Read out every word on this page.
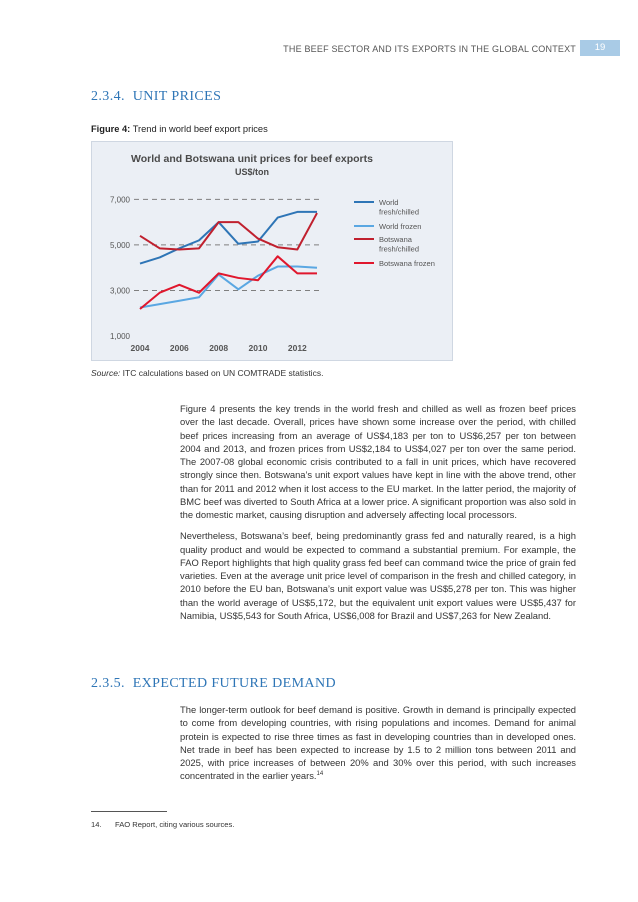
THE BEEF SECTOR AND ITS EXPORTS IN THE GLOBAL CONTEXT	19
2.3.4. UNIT PRICES
Figure 4: Trend in world beef export prices
World and Botswana unit prices for beef exports
US$/ton
1,000
3,000
5,000
7,000
2004 2006 2008 2010 2012
World
fresh/chilled
World frozen
Botswana
fresh/chilled
Botswana frozen
Source: ITC calculations based on UN COMTRADE statistics.

Figure 4 presents the key trends in the world fresh and chilled as well as frozen beef prices over the last decade. Overall, prices have shown some increase over the period, with chilled beef prices increasing from an average of US$4,183 per ton to US$6,257 per ton between 2004 and 2013, and frozen prices from US$2,184 to US$4,027 per ton over the same period. The 2007-08 global economic crisis contributed to a fall in unit prices, which have recovered strongly since then. Botswana’s unit export values have kept in line with the above trend, other than for 2011 and 2012 when it lost access to the EU market. In the latter period, the majority of BMC beef was diverted to South Africa at a lower price. A significant proportion was also sold in the domestic market, causing disruption and adversely affecting local processors.

Nevertheless, Botswana’s beef, being predominantly grass fed and naturally reared, is a high quality product and would be expected to command a substantial premium. For example, the FAO Report highlights that high quality grass fed beef can command twice the price of grain fed varieties. Even at the average unit price level of comparison in the fresh and chilled category, in 2010 before the EU ban, Botswana’s unit export value was US$5,278 per ton. This was higher than the world average of US$5,172, but the equivalent unit export values were US$5,437 for Namibia, US$5,543 for South Africa, US$6,008 for Brazil and US$7,263 for New Zealand.

2.3.5. EXPECTED FUTURE DEMAND

The longer-term outlook for beef demand is positive. Growth in demand is principally expected to come from developing countries, with rising populations and incomes. Demand for animal protein is expected to rise three times as fast in developing countries than in developed ones. Net trade in beef has been expected to increase by 1.5 to 2 million tons between 2011 and 2025, with price increases of between 20% and 30% over this period, with such increases concentrated in the earlier years.$^{14}$

14. FAO Report, citing various sources.
